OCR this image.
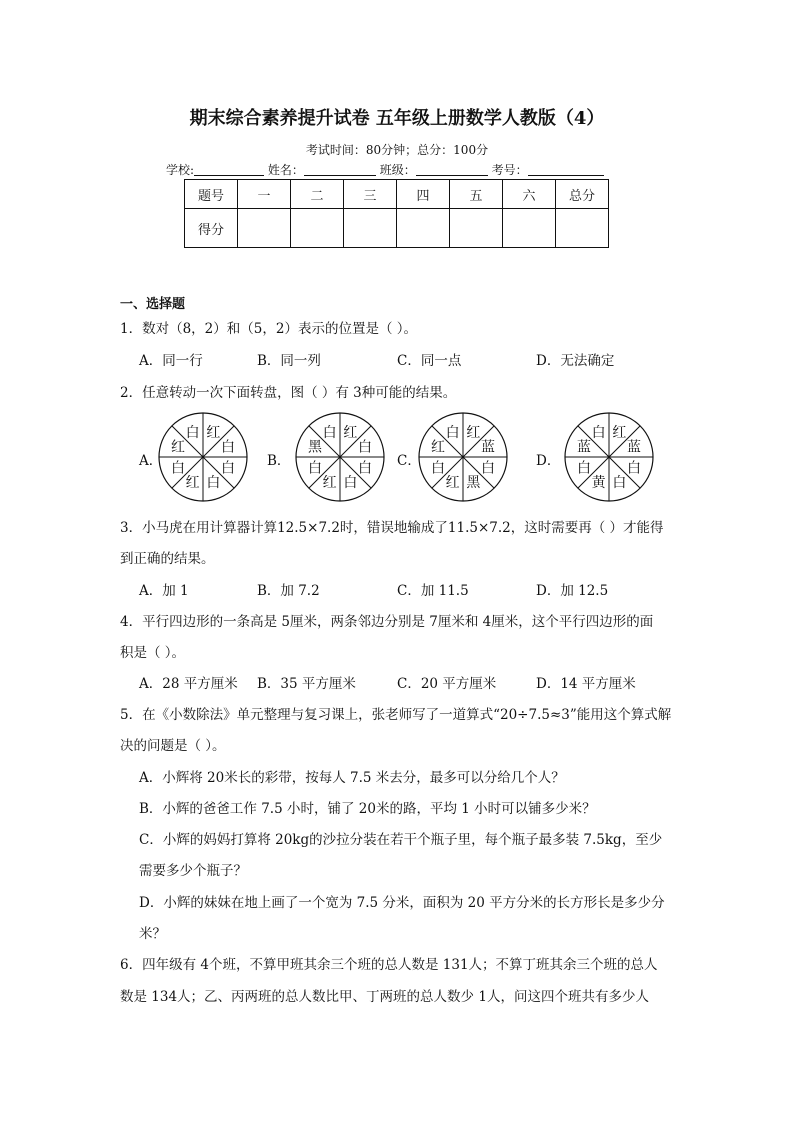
期末综合素养提升试卷 五年级上册数学人教版（4）
考试时间：80分钟；总分：100分
学校:	姓名：	班级：	考号：
题号	一	二	三	四	五	六	总分
得分							
一、选择题
1．数对（8，2）和（5，2）表示的位置是（ ）。
A．同一行	B．同一列	C．同一点	D．无法确定
2．任意转动一次下面转盘，图（ ）有 3种可能的结果。
A．	B．	C．	D．
白 红
白
白
白
红
白
红
白 红
白
白
白
红
白
黑
白 红
蓝
白
黑
红
白
红
白 红
蓝
白
白
黄
白
蓝
3．小马虎在用计算器计算12.5×7.2时，错误地输成了11.5×7.2，这时需要再（ ）才能得
到正确的结果。
A．加 1	B．加 7.2	C．加 11.5	D．加 12.5
4．平行四边形的一条高是 5厘米，两条邻边分别是 7厘米和 4厘米，这个平行四边形的面
积是（ ）。
A．28 平方厘米 B．35 平方厘米	C．20 平方厘米	D．14 平方厘米
5．在《小数除法》单元整理与复习课上，张老师写了一道算式“20÷7.5≈3”能用这个算式解
决的问题是（ ）。
A．小辉将 20米长的彩带，按每人 7.5 米去分，最多可以分给几个人？
B．小辉的爸爸工作 7.5 小时，铺了 20米的路，平均 1 小时可以铺多少米？
C．小辉的妈妈打算将 20kg的沙拉分装在若干个瓶子里，每个瓶子最多装 7.5kg，至少
需要多少个瓶子？
D．小辉的妹妹在地上画了一个宽为 7.5 分米，面积为 20 平方分米的长方形长是多少分
米？
6．四年级有 4个班，不算甲班其余三个班的总人数是 131人；不算丁班其余三个班的总人
数是 134人；乙、丙两班的总人数比甲、丁两班的总人数少 1人，问这四个班共有多少人
